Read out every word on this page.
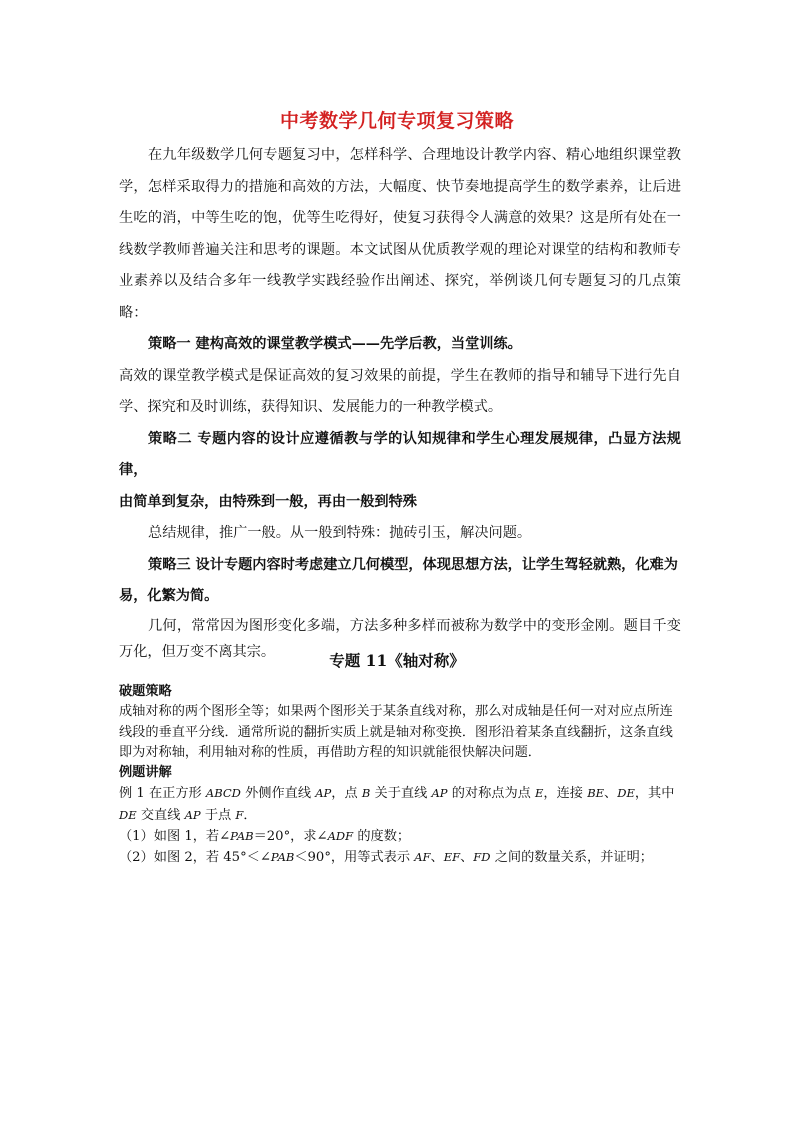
中考数学几何专项复习策略

在九年级数学几何专题复习中，怎样科学、合理地设计教学内容、精心地组织课堂教学，怎样采取得力的措施和高效的方法，大幅度、快节奏地提高学生的数学素养，让后进生吃的消，中等生吃的饱，优等生吃得好，使复习获得令人满意的效果？这是所有处在一线数学教师普遍关注和思考的课题。本文试图从优质教学观的理论对课堂的结构和教师专业素养以及结合多年一线教学实践经验作出阐述、探究，举例谈几何专题复习的几点策略：

策略一 建构高效的课堂教学模式——先学后教，当堂训练。

高效的课堂教学模式是保证高效的复习效果的前提，学生在教师的指导和辅导下进行先自学、探究和及时训练，获得知识、发展能力的一种教学模式。

策略二 专题内容的设计应遵循教与学的认知规律和学生心理发展规律，凸显方法规律，

由简单到复杂，由特殊到一般，再由一般到特殊

总结规律，推广一般。从一般到特殊：抛砖引玉，解决问题。

策略三 设计专题内容时考虑建立几何模型，体现思想方法，让学生驾轻就熟，化难为

易，化繁为简。

几何，常常因为图形变化多端，方法多种多样而被称为数学中的变形金刚。题目千变万化，但万变不离其宗。	专题 11《轴对称》

破题策略

成轴对称的两个图形全等；如果两个图形关于某条直线对称，那么对成轴是任何一对对应点所连线段的垂直平分线．通常所说的翻折实质上就是轴对称变换．图形沿着某条直线翻折，这条直线即为对称轴，利用轴对称的性质，再借助方程的知识就能很快解决问题．

例题讲解

例 1 在正方形 ABCD 外侧作直线 AP，点 B 关于直线 AP 的对称点为点 E，连接 BE、DE，其中DE 交直线 AP 于点 F．

（1）如图 1，若∠PAB＝20°，求∠ADF 的度数；

（2）如图 2，若 45°＜∠PAB＜90°，用等式表示 AF、EF、FD 之间的数量关系，并证明；
